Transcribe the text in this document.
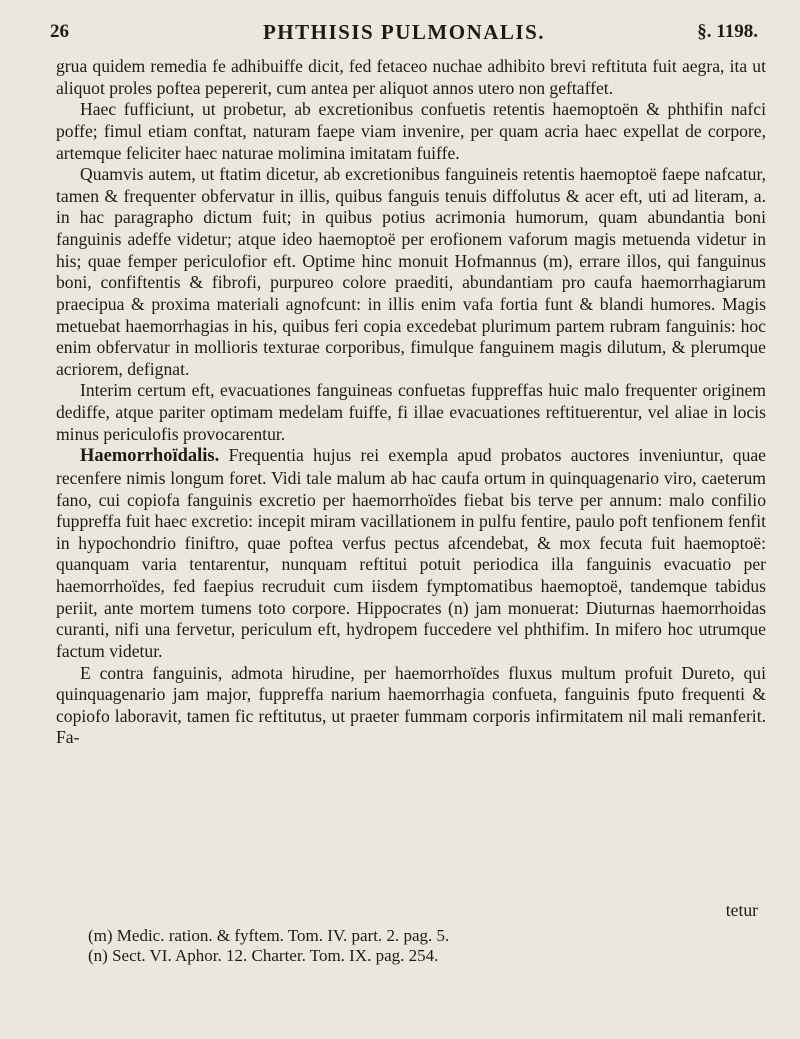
26	PHTHISIS PULMONALIS.	§. 1198.

grua quidem remedia fe adhibuiffe dicit, fed fetaceo nuchae adhibito brevi reftituta fuit aegra, ita ut aliquot proles poftea pepererit, cum antea per aliquot annos utero non geftaffet.

Haec fufficiunt, ut probetur, ab excretionibus confuetis retentis haemoptoën & phthifin nafci poffe; fimul etiam conftat, naturam faepe viam invenire, per quam acria haec expellat de corpore, artemque feliciter haec naturae molimina imitatam fuiffe.

Quamvis autem, ut ftatim dicetur, ab excretionibus fanguineis retentis haemoptoë faepe nafcatur, tamen & frequenter obfervatur in illis, quibus fanguis tenuis diffolutus & acer eft, uti ad literam, a. in hac paragrapho dictum fuit; in quibus potius acrimonia humorum, quam abundantia boni fanguinis adeffe videtur; atque ideo haemoptoë per erofionem vaforum magis metuenda videtur in his; quae femper periculofior eft. Optime hinc monuit Hofmannus (m), errare illos, qui fanguinus boni, confiftentis & fibrofi, purpureo colore praediti, abundantiam pro caufa haemorrhagiarum praecipua & proxima materiali agnofcunt: in illis enim vafa fortia funt & blandi humores. Magis metuebat haemorrhagias in his, quibus feri copia excedebat plurimum partem rubram fanguinis: hoc enim obfervatur in mollioris texturae corporibus, fimulque fanguinem magis dilutum, & plerumque acriorem, defignat.

Interim certum eft, evacuationes fanguineas confuetas fuppreffas huic malo frequenter originem dediffe, atque pariter optimam medelam fuiffe, fi illae evacuationes reftituerentur, vel aliae in locis minus periculofis provocarentur.

Haemorrhoïdalis. Frequentia hujus rei exempla apud probatos auctores inveniuntur, quae recenfere nimis longum foret. Vidi tale malum ab hac caufa ortum in quinquagenario viro, caeterum fano, cui copiofa fanguinis excretio per haemorrhoïdes fiebat bis terve per annum: malo confilio fuppreffa fuit haec excretio: incepit miram vacillationem in pulfu fentire, paulo poft tenfionem fenfit in hypochondrio finiftro, quae poftea verfus pectus afcendebat, & mox fecuta fuit haemoptoë: quanquam varia tentarentur, nunquam reftitui potuit periodica illa fanguinis evacuatio per haemorrhoïdes, fed faepius recruduit cum iisdem fymptomatibus haemoptoë, tandemque tabidus periit, ante mortem tumens toto corpore. Hippocrates (n) jam monuerat: Diuturnas haemorrhoidas curanti, nifi una fervetur, periculum eft, hydropem fuccedere vel phthifim. In mifero hoc utrumque factum videtur.

E contra fanguinis, admota hirudine, per haemorrhoïdes fluxus multum profuit Dureto, qui quinquagenario jam major, fuppreffa narium haemorrhagia confueta, fanguinis fputo frequenti & copiofo laboravit, tamen fic reftitutus, ut praeter fummam corporis infirmitatem nil mali remanferit. Fa-

tetur
(m) Medic. ration. & fyftem. Tom. IV. part. 2. pag. 5.
(n) Sect. VI. Aphor. 12. Charter. Tom. IX. pag. 254.
